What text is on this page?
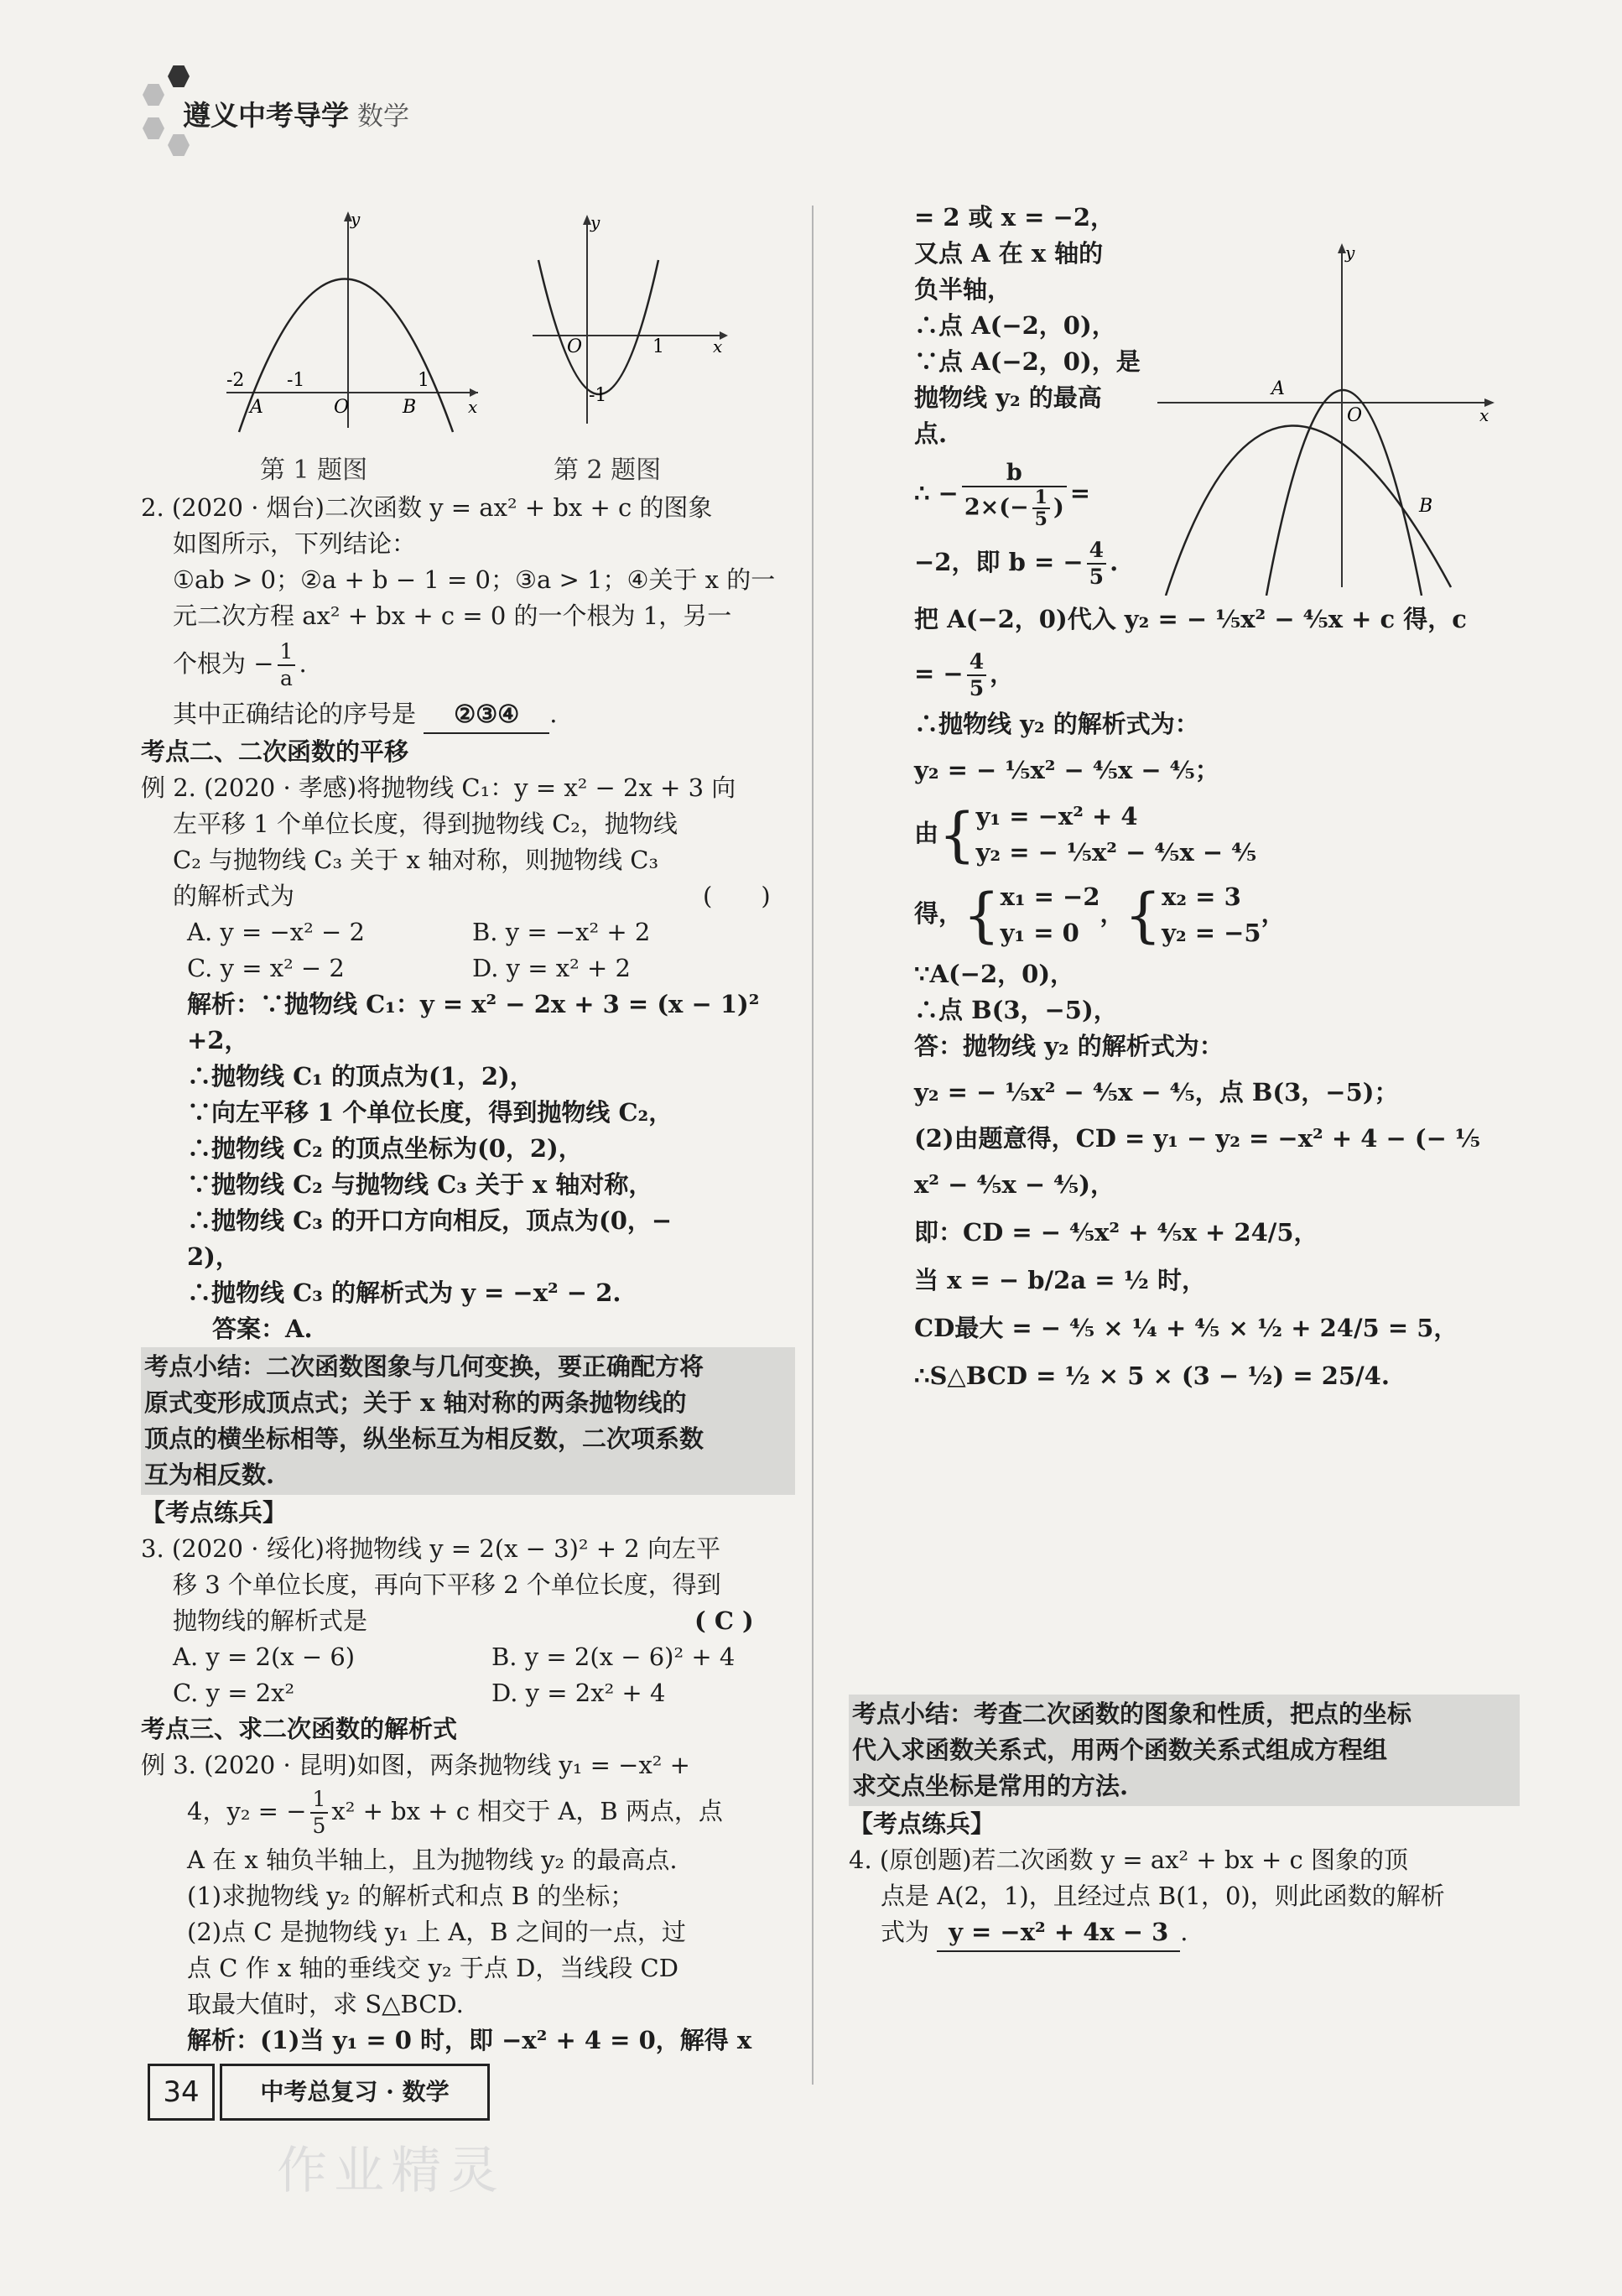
遵义中考导学 数学
y
x
-2 -1
O
1
A	B
第 1 题图
y
x
O	1
-1
第 2 题图
2. (2020 · 烟台)二次函数 y = ax² + bx + c 的图象
如图所示，下列结论：
①ab > 0；②a + b − 1 = 0；③a > 1；④关于 x 的一
元二次方程 ax² + bx + c = 0 的一个根为 1，另一
个根为 − $\frac{1}{a}$ .
其中正确结论的序号是 ②③④ .
考点二、二次函数的平移
例 2. (2020 · 孝感)将抛物线 C₁：y = x² − 2x + 3 向
左平移 1 个单位长度，得到抛物线 C₂，抛物线
C₂ 与抛物线 C₃ 关于 x 轴对称，则抛物线 C₃
的解析式为	(　　)
A. y = −x² − 2	B. y = −x² + 2
C. y = x² − 2	D. y = x² + 2
解析：∵抛物线 C₁：y = x² − 2x + 3 = (x − 1)²
+2，
∴抛物线 C₁ 的顶点为(1，2)，
∵向左平移 1 个单位长度，得到抛物线 C₂，
∴抛物线 C₂ 的顶点坐标为(0，2)，
∵抛物线 C₂ 与抛物线 C₃ 关于 x 轴对称，
∴抛物线 C₃ 的开口方向相反，顶点为(0，−
2)，
∴抛物线 C₃ 的解析式为 y = −x² − 2.
答案：A.
考点小结：二次函数图象与几何变换，要正确配方将
原式变形成顶点式；关于 x 轴对称的两条抛物线的
顶点的横坐标相等，纵坐标互为相反数，二次项系数
互为相反数.
【考点练兵】
3. (2020 · 绥化)将抛物线 y = 2(x − 3)² + 2 向左平
移 3 个单位长度，再向下平移 2 个单位长度，得到
抛物线的解析式是	( C )
A. y = 2(x − 6)	B. y = 2(x − 6)² + 4
C. y = 2x²	D. y = 2x² + 4
考点三、求二次函数的解析式
例 3. (2020 · 昆明)如图，两条抛物线 y₁ = −x² +
4，y₂ = − $\frac{1}{5} x^2$ + bx + c 相交于 A，B 两点，点
A 在 x 轴负半轴上，且为抛物线 y₂ 的最高点.
(1)求抛物线 y₂ 的解析式和点 B 的坐标；
(2)点 C 是抛物线 y₁ 上 A，B 之间的一点，过
点 C 作 x 轴的垂线交 y₂ 于点 D，当线段 CD
取最大值时，求 S△BCD.
解析：(1)当 y₁ = 0 时，即 −x² + 4 = 0，解得 x
y
x
O
A
B
= 2 或 x = −2，
又点 A 在 x 轴的
负半轴，
∴点 A(−2，0)，
∵点 A(−2，0)，是
抛物线 y₂ 的最高
点.
∴ − $\frac{b}{2\times(- \frac{1}{5} )}$ =
−2，即 b = − $\frac{4}{5}$ .
把 A(−2，0)代入 y₂ = − ⅕x² − ⅘x + c 得，c
= − $\frac{4}{5}$ ，
∴抛物线 y₂ 的解析式为：
y₂ = − ⅕x² − ⅘x − ⅘；
由{ y₁ = −x² + 4
y₂ = − ⅕x² − ⅘x − ⅘
得，{ x₁ = −2
y₁ = 0
，{ x₂ = 3
y₂ = −5
，
∵A(−2，0)，
∴点 B(3，−5)，
答：抛物线 y₂ 的解析式为：
y₂ = − ⅕x² − ⅘x − ⅘，点 B(3，−5)；
(2)由题意得，CD = y₁ − y₂ = −x² + 4 − (− ⅕
x² − ⅘x − ⅘)，
即：CD = − ⅘x² + ⅘x + 24/5，
当 x = − b/2a = ½ 时，
CD最大 = − ⅘ × ¼ + ⅘ × ½ + 24/5 = 5，
∴S△BCD = ½ × 5 × (3 − ½) = 25/4.
考点小结：考查二次函数的图象和性质，把点的坐标
代入求函数关系式，用两个函数关系式组成方程组
求交点坐标是常用的方法.
【考点练兵】
4. (原创题)若二次函数 y = ax² + bx + c 图象的顶
点是 A(2，1)，且经过点 B(1，0)，则此函数的解析
式为 y = −x² + 4x − 3 .
34	中考总复习 · 数学
作业精灵
